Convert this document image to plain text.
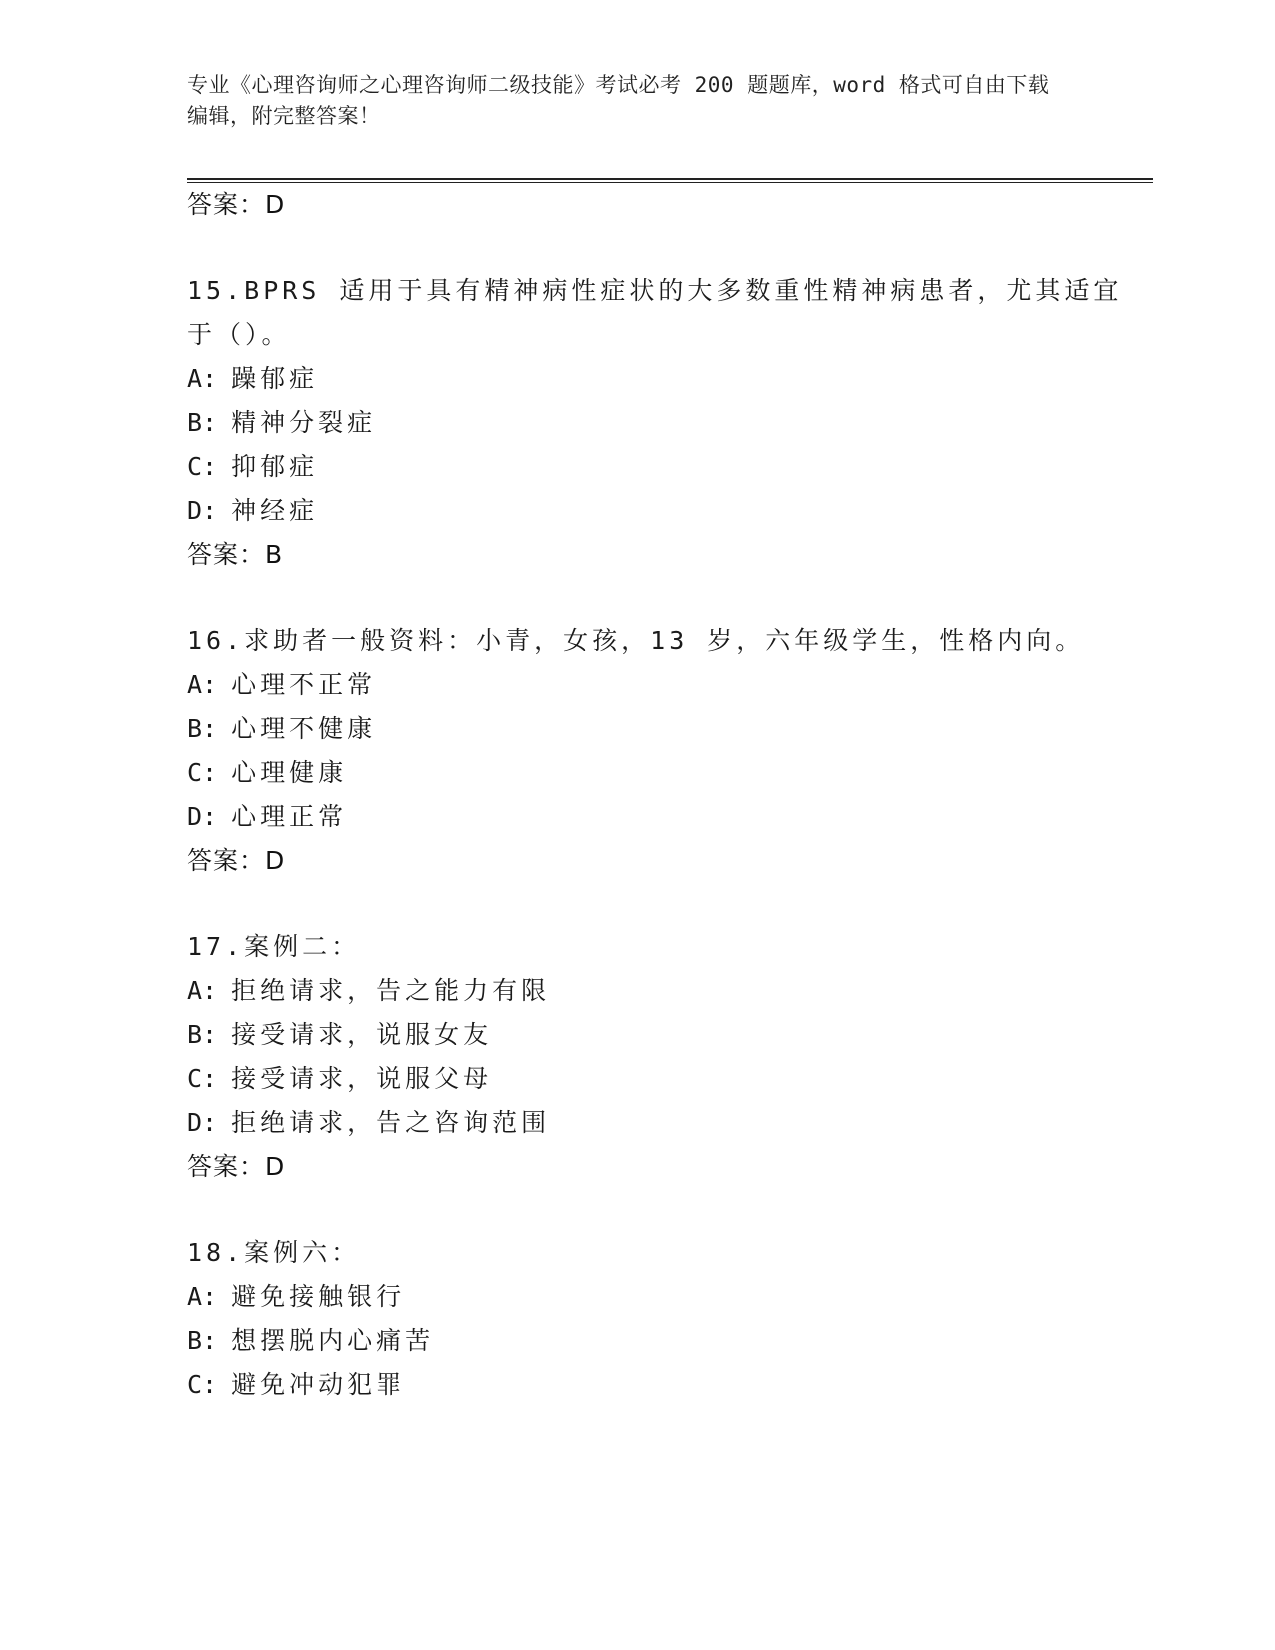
专业《心理咨询师之心理咨询师二级技能》考试必考 200 题题库，word 格式可自由下载编辑，附完整答案！
答案：D
15.BPRS 适用于具有精神病性症状的大多数重性精神病患者，尤其适宜
于（）。
A: 躁郁症
B: 精神分裂症
C: 抑郁症
D: 神经症
答案：B
16.求助者一般资料：小青，女孩，13 岁，六年级学生，性格内向。
A: 心理不正常
B: 心理不健康
C: 心理健康
D: 心理正常
答案：D
17.案例二：
A: 拒绝请求，告之能力有限
B: 接受请求，说服女友
C: 接受请求，说服父母
D: 拒绝请求，告之咨询范围
答案：D
18.案例六：
A: 避免接触银行
B: 想摆脱内心痛苦
C: 避免冲动犯罪
